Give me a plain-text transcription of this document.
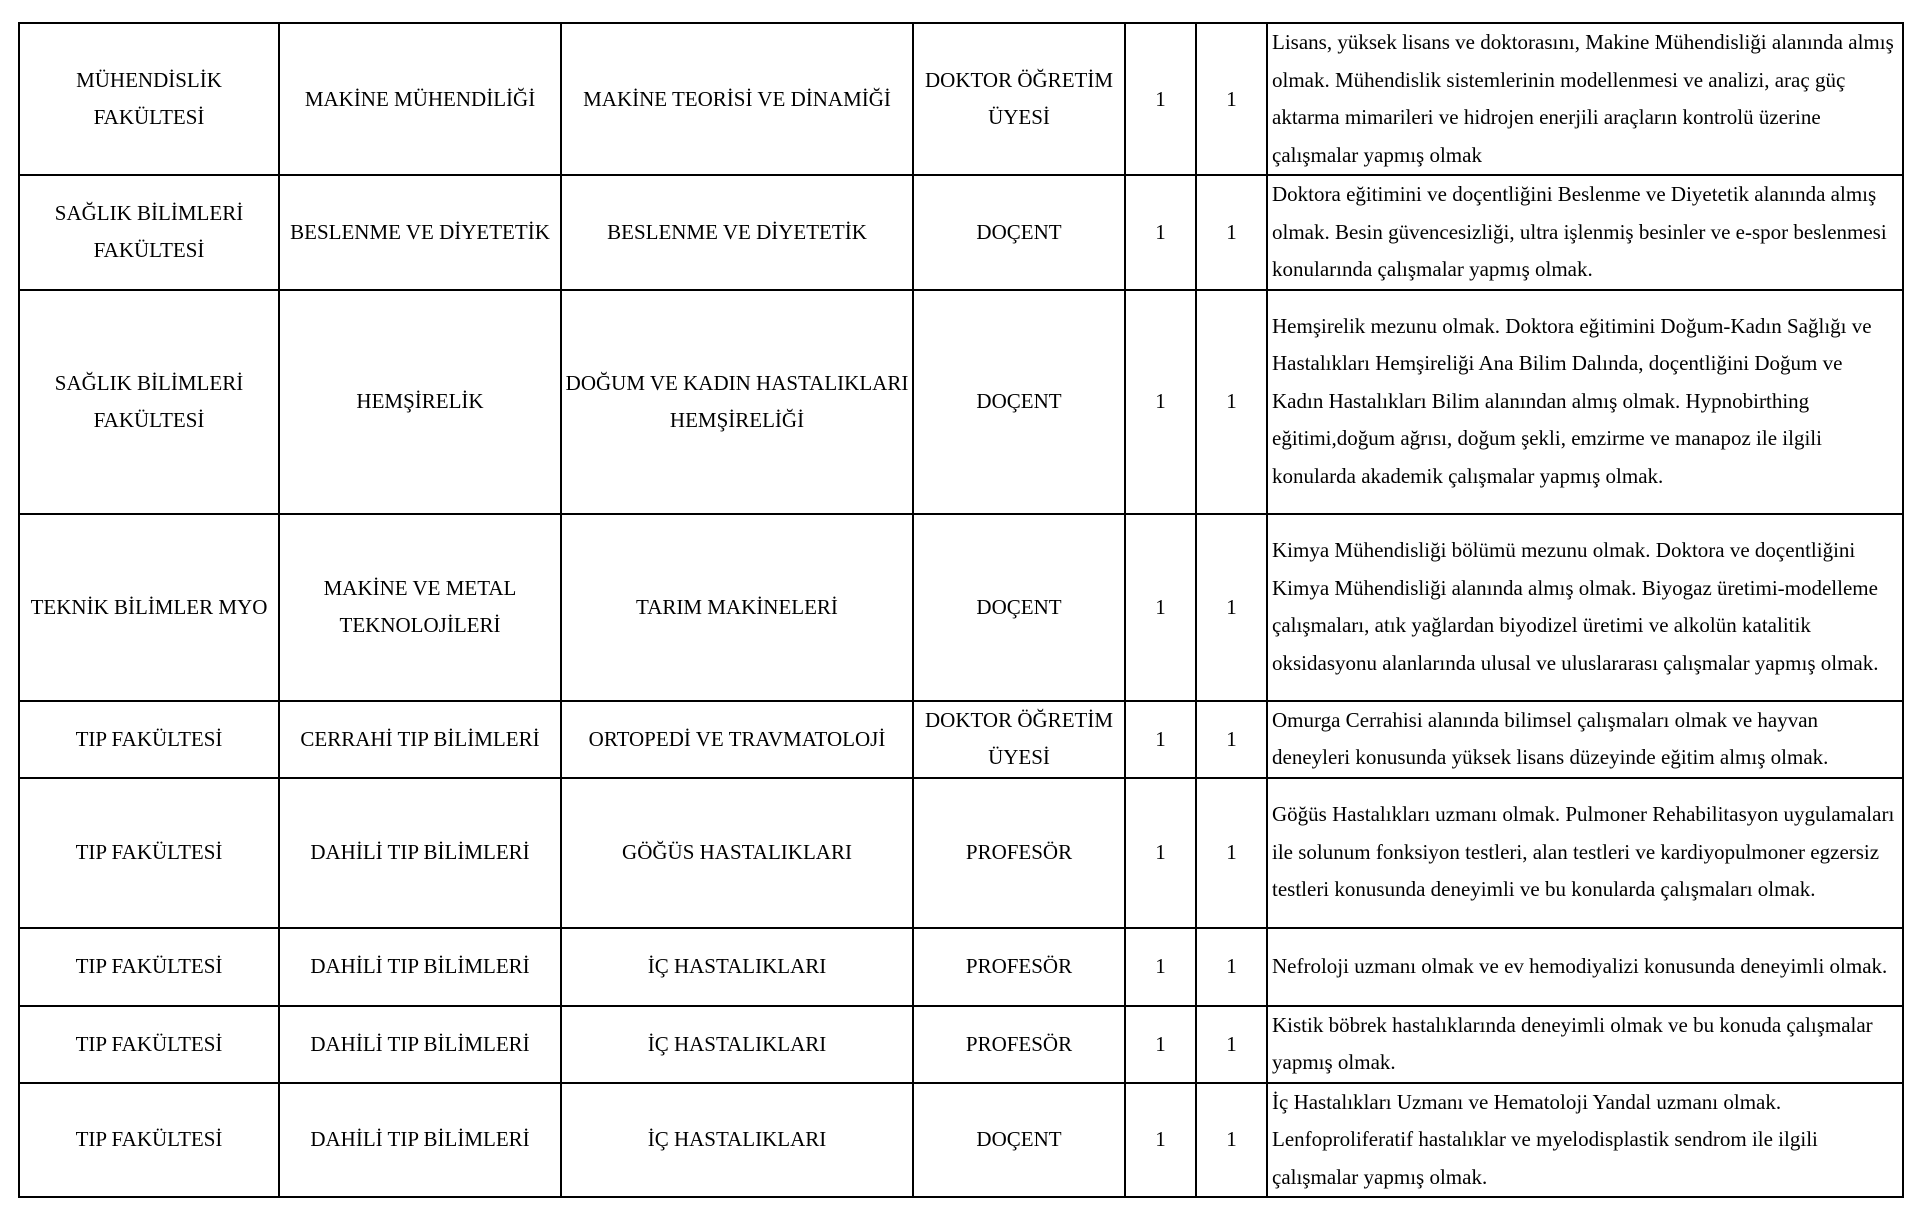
MÜHENDİSLİK FAKÜLTESİ	MAKİNE MÜHENDİLİĞİ	MAKİNE TEORİSİ VE DİNAMİĞİ	DOKTOR ÖĞRETİM ÜYESİ	1	1	Lisans, yüksek lisans ve doktorasını, Makine Mühendisliği alanında almış olmak. Mühendislik sistemlerinin modellenmesi ve analizi, araç güç aktarma mimarileri ve hidrojen enerjili araçların kontrolü üzerine çalışmalar yapmış olmak
SAĞLIK BİLİMLERİ FAKÜLTESİ	BESLENME VE DİYETETİK	BESLENME VE DİYETETİK	DOÇENT	1	1	Doktora eğitimini ve doçentliğini Beslenme ve Diyetetik alanında almış olmak. Besin güvencesizliği, ultra işlenmiş besinler ve e-spor beslenmesi konularında çalışmalar yapmış olmak.
SAĞLIK BİLİMLERİ FAKÜLTESİ	HEMŞİRELİK	DOĞUM VE KADIN HASTALIKLARI HEMŞİRELİĞİ	DOÇENT	1	1	Hemşirelik mezunu olmak. Doktora eğitimini Doğum-Kadın Sağlığı ve Hastalıkları Hemşireliği Ana Bilim Dalında, doçentliğini Doğum ve Kadın Hastalıkları Bilim alanından almış olmak. Hypnobirthing eğitimi,doğum ağrısı, doğum şekli, emzirme ve manapoz ile ilgili konularda akademik çalışmalar yapmış olmak.
TEKNİK BİLİMLER MYO	MAKİNE VE METAL TEKNOLOJİLERİ	TARIM MAKİNELERİ	DOÇENT	1	1	Kimya Mühendisliği bölümü mezunu olmak. Doktora ve doçentliğini Kimya Mühendisliği alanında almış olmak. Biyogaz üretimi-modelleme çalışmaları, atık yağlardan biyodizel üretimi ve alkolün katalitik oksidasyonu alanlarında ulusal ve uluslararası çalışmalar yapmış olmak.
TIP FAKÜLTESİ	CERRAHİ TIP BİLİMLERİ	ORTOPEDİ VE TRAVMATOLOJİ	DOKTOR ÖĞRETİM ÜYESİ	1	1	Omurga Cerrahisi alanında bilimsel çalışmaları olmak ve hayvan deneyleri konusunda yüksek lisans düzeyinde eğitim almış olmak.
TIP FAKÜLTESİ	DAHİLİ TIP BİLİMLERİ	GÖĞÜS HASTALIKLARI	PROFESÖR	1	1	Göğüs Hastalıkları uzmanı olmak. Pulmoner Rehabilitasyon uygulamaları ile solunum fonksiyon testleri, alan testleri ve kardiyopulmoner egzersiz testleri konusunda deneyimli ve bu konularda çalışmaları olmak.
TIP FAKÜLTESİ	DAHİLİ TIP BİLİMLERİ	İÇ HASTALIKLARI	PROFESÖR	1	1	Nefroloji uzmanı olmak ve ev hemodiyalizi konusunda deneyimli olmak.
TIP FAKÜLTESİ	DAHİLİ TIP BİLİMLERİ	İÇ HASTALIKLARI	PROFESÖR	1	1	Kistik böbrek hastalıklarında deneyimli olmak ve bu konuda çalışmalar yapmış olmak.
TIP FAKÜLTESİ	DAHİLİ TIP BİLİMLERİ	İÇ HASTALIKLARI	DOÇENT	1	1	İç Hastalıkları Uzmanı ve Hematoloji Yandal uzmanı olmak. Lenfoproliferatif hastalıklar ve myelodisplastik sendrom ile ilgili çalışmalar yapmış olmak.
